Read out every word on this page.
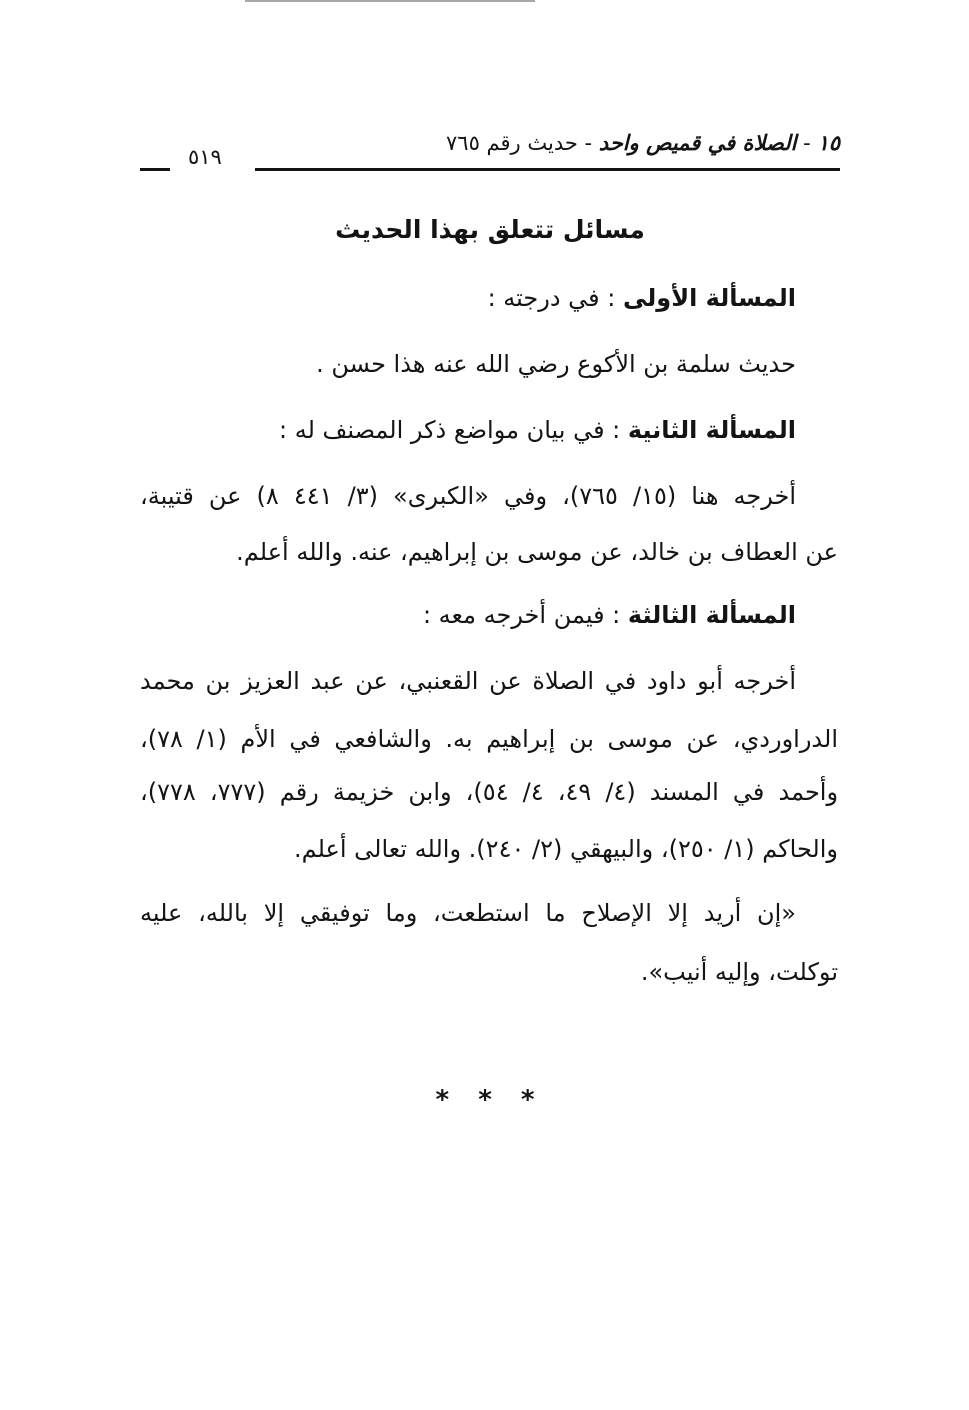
١٥ - الصلاة في قميص واحد - حديث رقم ٧٦٥
٥١٩
مسائل تتعلق بهذا الحديث
المسألة الأولى : في درجته :
حديث سلمة بن الأكوع رضي الله عنه هذا حسن .
المسألة الثانية : في بيان مواضع ذكر المصنف له :
أخرجه هنا (١٥/ ٧٦٥)، وفي «الكبرى» (٣/ ٤٤١ ٨) عن قتيبة،
عن العطاف بن خالد، عن موسى بن إبراهيم، عنه. والله أعلم.
المسألة الثالثة : فيمن أخرجه معه :
أخرجه أبو داود في الصلاة عن القعنبي، عن عبد العزيز بن محمد
الدراوردي، عن موسى بن إبراهيم به. والشافعي في الأم (١/ ٧٨)،
وأحمد في المسند (٤/ ٤٩، ٤/ ٥٤)، وابن خزيمة رقم (٧٧٧، ٧٧٨)،
والحاكم (١/ ٢٥٠)، والبيهقي (٢/ ٢٤٠). والله تعالى أعلم.
«إن أريد إلا الإصلاح ما استطعت، وما توفيقي إلا بالله، عليه
توكلت، وإليه أنيب».
* * *
